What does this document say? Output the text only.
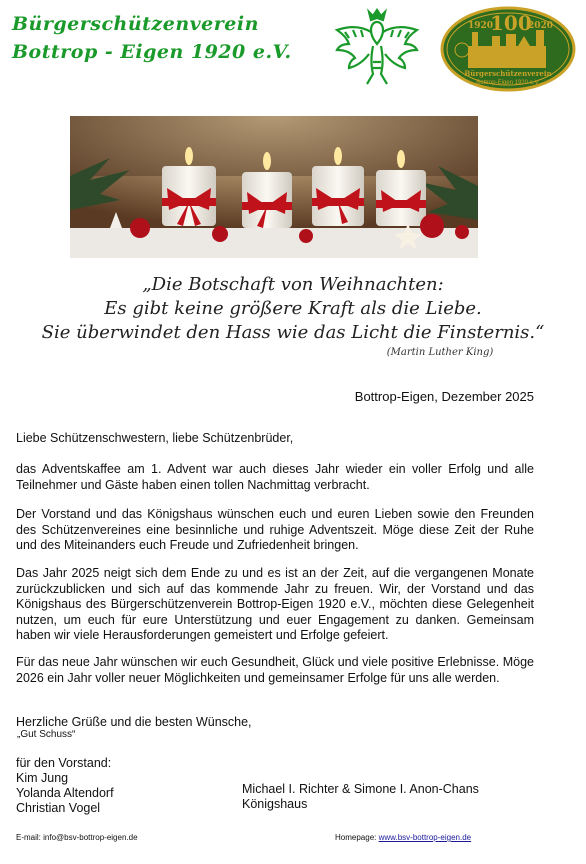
Bürgerschützenverein
Bottrop - Eigen 1920 e.V.
1920
100
2020
Bürgerschützenverein
Bottrop-Eigen 1920 e.V.
„Die Botschaft von Weihnachten:
Es gibt keine größere Kraft als die Liebe.
Sie überwindet den Hass wie das Licht die Finsternis.“
(Martin Luther King)
Bottrop-Eigen, Dezember 2025
Liebe Schützenschwestern, liebe Schützenbrüder,
das Adventskaffee am 1. Advent war auch dieses Jahr wieder ein voller Erfolg und alle Teilnehmer und Gäste haben einen tollen Nachmittag verbracht.
Der Vorstand und das Königshaus wünschen euch und euren Lieben sowie den Freunden des Schützenvereines eine besinnliche und ruhige Adventszeit. Möge diese Zeit der Ruhe und des Miteinanders euch Freude und Zufriedenheit bringen.
Das Jahr 2025 neigt sich dem Ende zu und es ist an der Zeit, auf die vergangenen Monate zurückzublicken und sich auf das kommende Jahr zu freuen. Wir, der Vorstand und das Königshaus des Bürgerschützenverein Bottrop-Eigen 1920 e.V., möchten diese Gelegenheit nutzen, um euch für eure Unterstützung und euer Engagement zu danken. Gemeinsam haben wir viele Herausforderungen gemeistert und Erfolge gefeiert.
Für das neue Jahr wünschen wir euch Gesundheit, Glück und viele positive Erlebnisse. Möge 2026 ein Jahr voller neuer Möglichkeiten und gemeinsamer Erfolge für uns alle werden.
Herzliche Grüße und die besten Wünsche,
„Gut Schuss“
für den Vorstand:
Kim Jung
Yolanda Altendorf
Christian Vogel
Michael I. Richter & Simone I. Anon-Chans
Königshaus
E-mail: info@bsv-bottrop-eigen.de	Homepage: www.bsv-bottrop-eigen.de
